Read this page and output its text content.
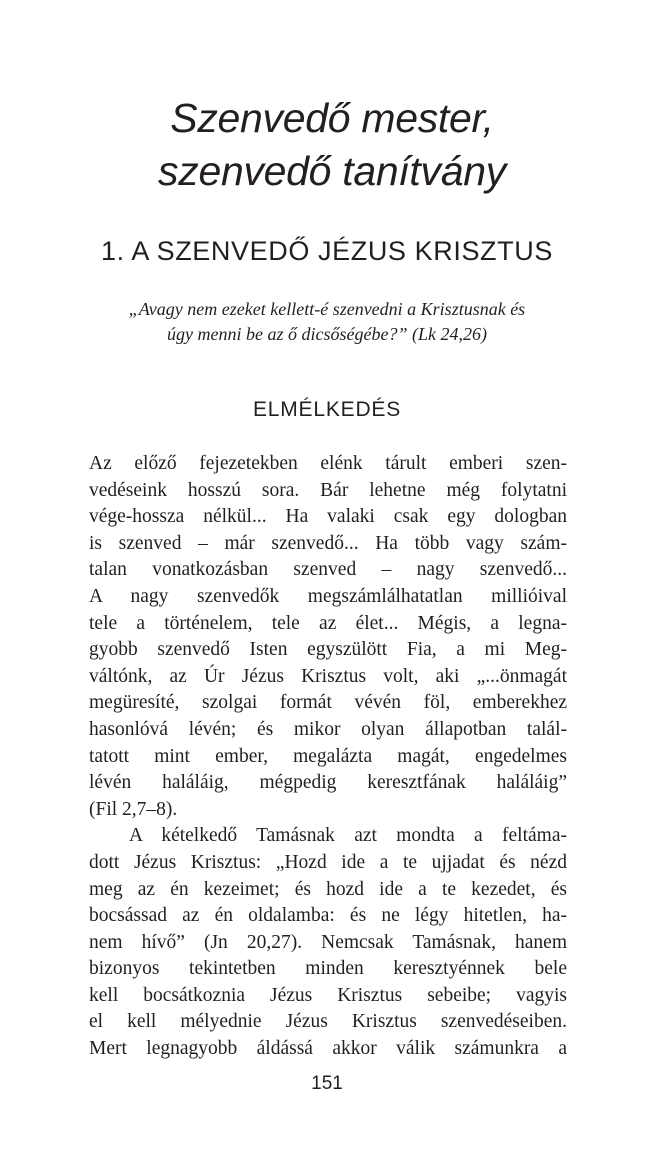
Szenvedő mester,
szenvedő tanítvány
1. A SZENVEDŐ JÉZUS KRISZTUS

„Avagy nem ezeket kellett-é szenvedni a Krisztusnak és
úgy menni be az ő dicsőségébe?” (Lk 24,26)

ELMÉLKEDÉS
Az előző fejezetekben elénk tárult emberi szen-
vedéseink hosszú sora. Bár lehetne még folytatni
vége-hossza nélkül... Ha valaki csak egy dologban
is szenved – már szenvedő... Ha több vagy szám-
talan vonatkozásban szenved – nagy szenvedő...
A nagy szenvedők megszámlálhatatlan millióival
tele a történelem, tele az élet... Mégis, a legna-
gyobb szenvedő Isten egyszülött Fia, a mi Meg-
váltónk, az Úr Jézus Krisztus volt, aki „...önmagát
megüresíté, szolgai formát vévén föl, emberekhez
hasonlóvá lévén; és mikor olyan állapotban talál-
tatott mint ember, megalázta magát, engedelmes
lévén haláláig, mégpedig keresztfának haláláig”
(Fil 2,7–8).
A kételkedő Tamásnak azt mondta a feltáma-
dott Jézus Krisztus: „Hozd ide a te ujjadat és nézd
meg az én kezeimet; és hozd ide a te kezedet, és
bocsássad az én oldalamba: és ne légy hitetlen, ha-
nem hívő” (Jn 20,27). Nemcsak Tamásnak, hanem
bizonyos tekintetben minden keresztyénnek bele
kell bocsátkoznia Jézus Krisztus sebeibe; vagyis
el kell mélyednie Jézus Krisztus szenvedéseiben.
Mert legnagyobb áldássá akkor válik számunkra a
151
